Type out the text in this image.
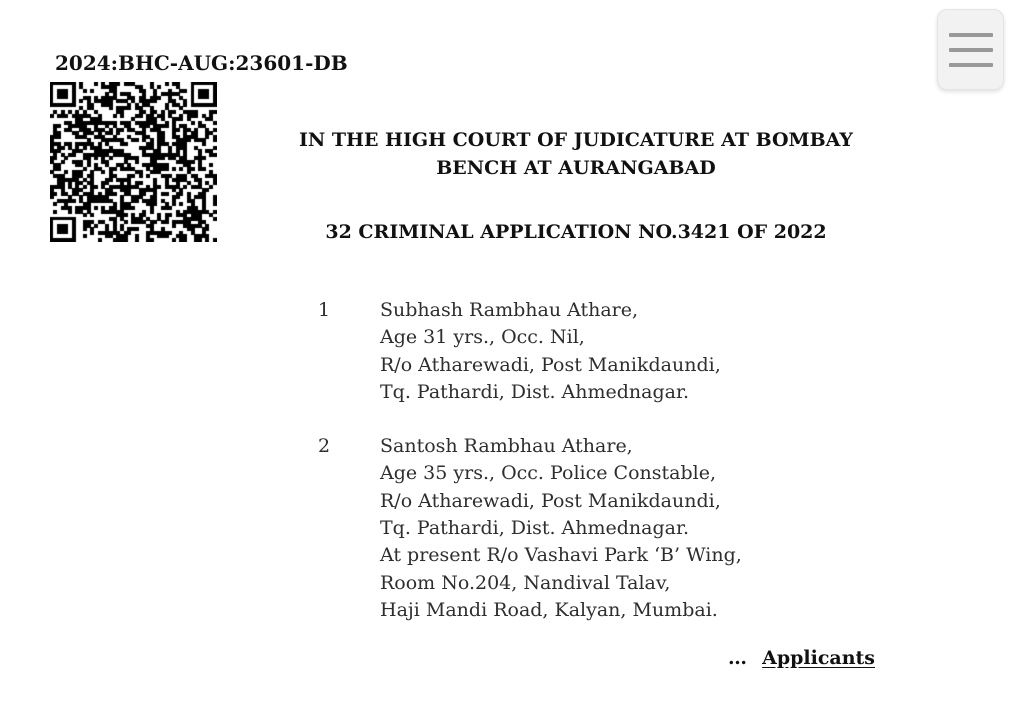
2024:BHC-AUG:23601-DB
IN THE HIGH COURT OF JUDICATURE AT BOMBAY
BENCH AT AURANGABAD
32 CRIMINAL APPLICATION NO.3421 OF 2022
1	Subhash Rambhau Athare,
Age 31 yrs., Occ. Nil,
R/o Atharewadi, Post Manikdaundi,
Tq. Pathardi, Dist. Ahmednagar.
2	Santosh Rambhau Athare,
Age 35 yrs., Occ. Police Constable,
R/o Atharewadi, Post Manikdaundi,
Tq. Pathardi, Dist. Ahmednagar.
At present R/o Vashavi Park ‘B’ Wing,
Room No.204, Nandival Talav,
Haji Mandi Road, Kalyan, Mumbai.
… Applicants
